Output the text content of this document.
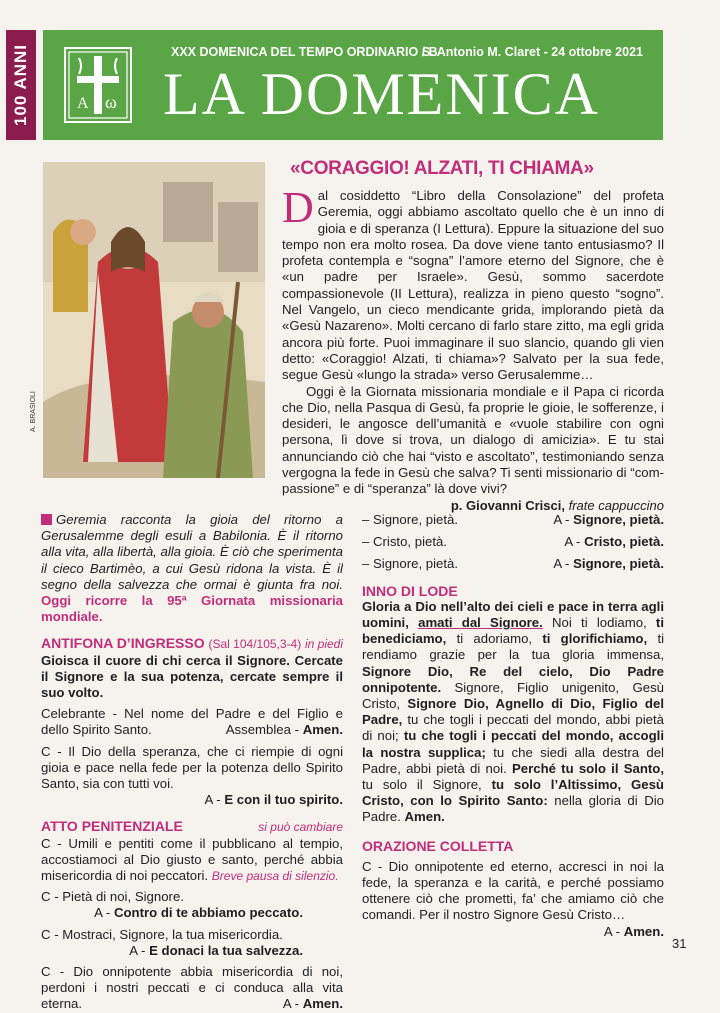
100 ANNI	A ω
XXX DOMENICA DEL TEMPO ORDINARIO / B
S. Antonio M. Claret - 24 ottobre 2021
LA DOMENICA
A. BRASIOLI
«CORAGGIO! ALZATI, TI CHIAMA»

Dal cosiddetto “Libro della Consolazione” del profeta Geremia, oggi abbiamo ascoltato quello che è un inno di gioia e di speranza (I Lettura). Eppure la situazione del suo tempo non era molto rosea. Da dove viene tanto entusiasmo? Il profeta contempla e “sogna” l’amore eterno del Signore, che è «un padre per Israele». Gesù, sommo sacerdote compassionevole (II Lettura), realizza in pieno questo “sogno”. Nel Vangelo, un cieco mendicante grida, implorando pietà da «Gesù Nazareno». Molti cercano di farlo stare zitto, ma egli grida ancora più forte. Puoi immaginare il suo slancio, quando gli vien detto: «Coraggio! Alzati, ti chiama»? Salvato per la sua fede, segue Gesù «lungo la strada» verso Gerusalemme…

Oggi è la Giornata missionaria mondiale e il Papa ci ricorda che Dio, nella Pasqua di Gesù, fa proprie le gioie, le sofferenze, i desideri, le angosce dell’umanità e «vuole stabilire con ogni persona, lì dove si trova, un dialogo di amicizia». E tu stai annunciando ciò che hai “visto e ascoltato”, testimoniando senza vergogna la fede in Gesù che salva? Ti senti missionario di “com-passione” e di “speranza” là dove vivi?

p. Giovanni Crisci, frate cappuccino
Geremia racconta la gioia del ritorno a Gerusalemme degli esuli a Babilonia. È il ritorno alla vita, alla libertà, alla gioia. È ciò che sperimenta il cieco Bartimèo, a cui Gesù ridona la vista. È il segno della salvezza che ormai è giunta fra noi. Oggi ricorre la 95ª Giornata missionaria mondiale.
ANTIFONA D’INGRESSO (Sal 104/105,3-4) in piedi
Gioisca il cuore di chi cerca il Signore. Cercate il Signore e la sua potenza, cercate sempre il suo volto.
Celebrante - Nel nome del Padre e del Figlio e dello Spirito Santo.	Assemblea - Amen.
C - Il Dio della speranza, che ci riempie di ogni gioia e pace nella fede per la potenza dello Spirito Santo, sia con tutti voi.
A - E con il tuo spirito.
ATTO PENITENZIALE	si può cambiare
C - Umili e pentiti come il pubblicano al tempio, accostiamoci al Dio giusto e santo, perché abbia misericordia di noi peccatori. Breve pausa di silenzio.
C - Pietà di noi, Signore.
A - Contro di te abbiamo peccato.
C - Mostraci, Signore, la tua misericordia.
A - E donaci la tua salvezza.
C - Dio onnipotente abbia misericordia di noi, perdoni i nostri peccati e ci conduca alla vita eterna.	A - Amen.
– Signore, pietà.	A - Signore, pietà.
– Cristo, pietà.	A - Cristo, pietà.
– Signore, pietà.	A - Signore, pietà.
INNO DI LODE
Gloria a Dio nell’alto dei cieli e pace in terra agli uomini, amati dal Signore. Noi ti lodiamo, ti benediciamo, ti adoriamo, ti glorifichiamo, ti rendiamo grazie per la tua gloria immensa, Signore Dio, Re del cielo, Dio Padre onnipotente. Signore, Figlio unigenito, Gesù Cristo, Signore Dio, Agnello di Dio, Figlio del Padre, tu che togli i peccati del mondo, abbi pietà di noi; tu che togli i peccati del mondo, accogli la nostra supplica; tu che siedi alla destra del Padre, abbi pietà di noi. Perché tu solo il Santo, tu solo il Signore, tu solo l’Altissimo, Gesù Cristo, con lo Spirito Santo: nella gloria di Dio Padre. Amen.
ORAZIONE COLLETTA
C - Dio onnipotente ed eterno, accresci in noi la fede, la speranza e la carità, e perché possiamo ottenere ciò che prometti, fa’ che amiamo ciò che comandi. Per il nostro Signore Gesù Cristo…
A - Amen.
31
